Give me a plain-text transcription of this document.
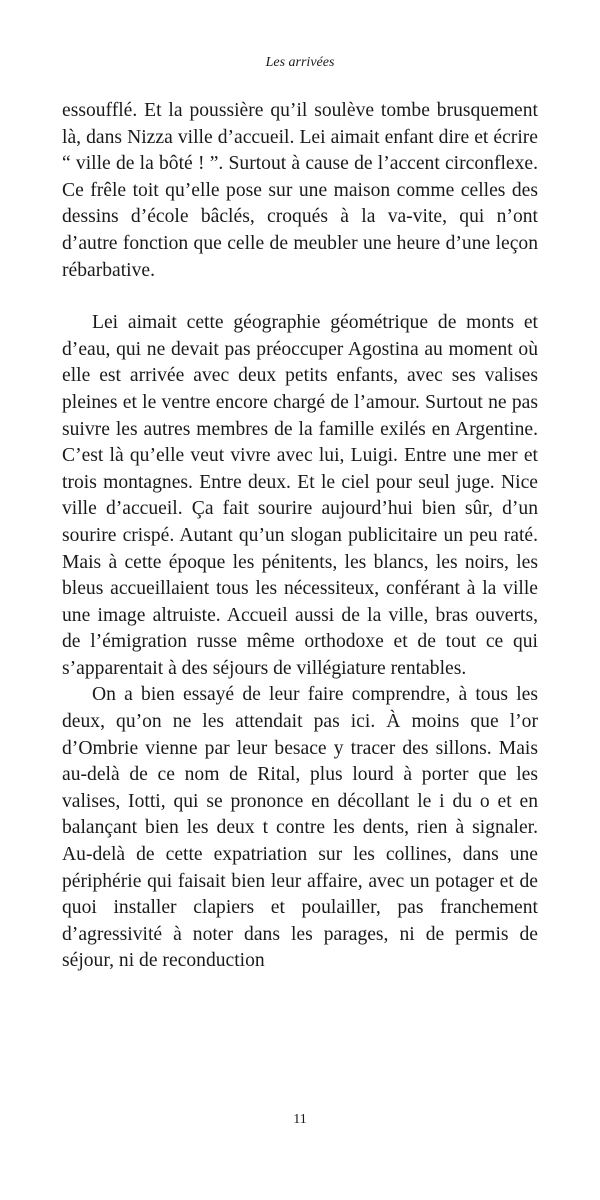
Les arrivées

essoufflé. Et la poussière qu’il soulève tombe brusquement là, dans Nizza ville d’accueil. Lei aimait enfant dire et écrire “ ville de la bôté ! ”. Surtout à cause de l’accent circonflexe. Ce frêle toit qu’elle pose sur une maison comme celles des dessins d’école bâclés, croqués à la va-vite, qui n’ont d’autre fonction que celle de meubler une heure d’une leçon rébarbative.

Lei aimait cette géographie géométrique de monts et d’eau, qui ne devait pas préoccuper Agostina au moment où elle est arrivée avec deux petits enfants, avec ses valises pleines et le ventre encore chargé de l’amour. Surtout ne pas suivre les autres membres de la famille exilés en Argentine. C’est là qu’elle veut vivre avec lui, Luigi. Entre une mer et trois montagnes. Entre deux. Et le ciel pour seul juge. Nice ville d’accueil. Ça fait sourire aujourd’hui bien sûr, d’un sourire crispé. Autant qu’un slogan publicitaire un peu raté. Mais à cette époque les pénitents, les blancs, les noirs, les bleus accueillaient tous les nécessiteux, conférant à la ville une image altruiste. Accueil aussi de la ville, bras ouverts, de l’émigration russe même orthodoxe et de tout ce qui s’apparentait à des séjours de villégiature rentables.

On a bien essayé de leur faire comprendre, à tous les deux, qu’on ne les attendait pas ici. À moins que l’or d’Ombrie vienne par leur besace y tracer des sillons. Mais au-delà de ce nom de Rital, plus lourd à porter que les valises, Iotti, qui se prononce en décollant le i du o et en balançant bien les deux t contre les dents, rien à signaler. Au-delà de cette expatriation sur les collines, dans une périphérie qui faisait bien leur affaire, avec un potager et de quoi installer clapiers et poulailler, pas franchement d’agressivité à noter dans les parages, ni de permis de séjour, ni de reconduction

11
